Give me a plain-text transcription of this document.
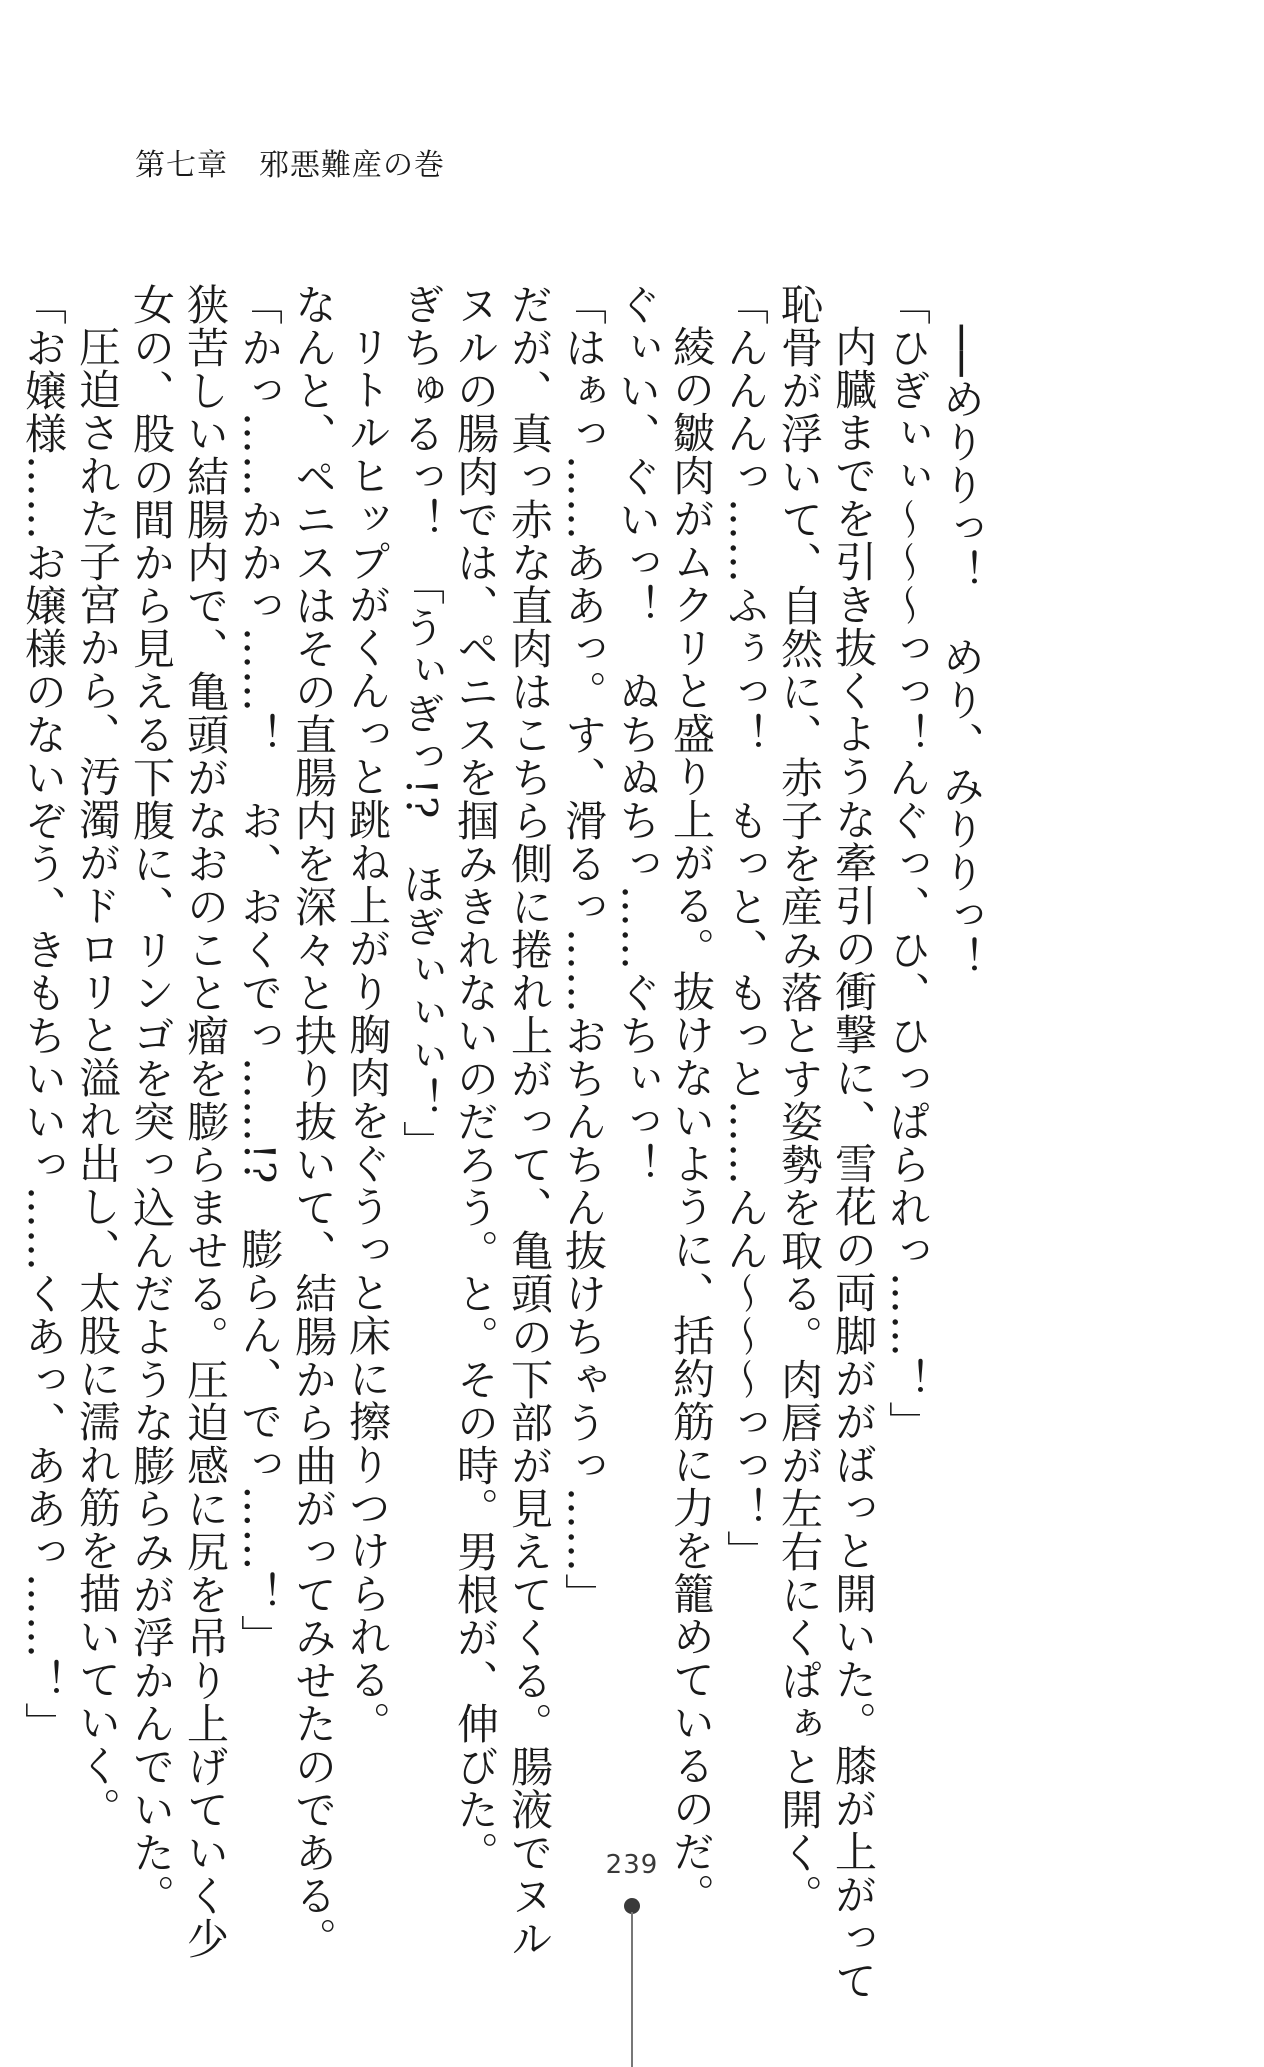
第七章　邪悪難産の巻
──めりりっ！　めり、みりりっ！
「ひぎぃぃ～～～っっ！んぐっ、ひ、ひっぱられっ……！」
内臓までを引き抜くような牽引の衝撃に、雪花の両脚ががばっと開いた。膝が上がって
恥骨が浮いて、自然に、赤子を産み落とす姿勢を取る。肉唇が左右にくぱぁと開く。
「んんんっ……ふぅっ！　もっと、もっと……んん～～～っっ！」
綾の皺肉がムクリと盛り上がる。抜けないように、括約筋に力を籠めているのだ。
ぐぃい、ぐいっ！　ぬちぬちっ……ぐちぃっ！
「はぁっ……ああっ。す、滑るっ……おちんちん抜けちゃうっ……」
だが、真っ赤な直肉はこちら側に捲れ上がって、亀頭の下部が見えてくる。腸液でヌル
ヌルの腸肉では、ペニスを掴みきれないのだろう。と。その時。男根が、伸びた。
ぎちゅるっ！　「うぃぎっ!?　ほぎぃぃぃ！」
リトルヒップがくんっと跳ね上がり胸肉をぐうっと床に擦りつけられる。
なんと、ペニスはその直腸内を深々と抉り抜いて、結腸から曲がってみせたのである。
「かっ……かかっ……！　お、おくでっ……!?　膨らん、でっ……！」
狭苦しい結腸内で、亀頭がなおのこと瘤を膨らませる。圧迫感に尻を吊り上げていく少
女の、股の間から見える下腹に、リンゴを突っ込んだような膨らみが浮かんでいた。
圧迫された子宮から、汚濁がドロリと溢れ出し、太股に濡れ筋を描いていく。
「お嬢様……お嬢様のないぞう、きもちいいっ……くあっ、ああっ……！」
239
